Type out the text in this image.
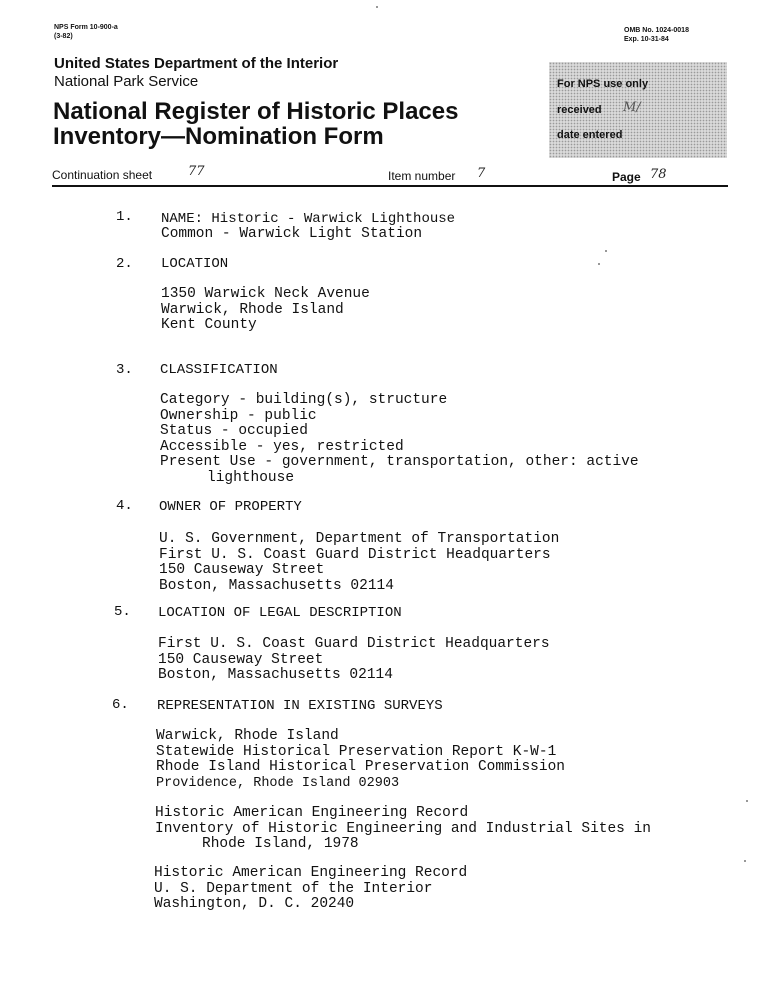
NPS Form 10-900-a
(3-82)
OMB No. 1024-0018
Exp. 10-31-84
United States Department of the Interior
National Park Service
National Register of Historic Places
Inventory—Nomination Form
For NPS use only
received M/
date entered
Continuation sheet	77	Item number 7	Page 78
1. NAME: Historic - Warwick Lighthouse
Common - Warwick Light Station
2. LOCATION
1350 Warwick Neck Avenue
Warwick, Rhode Island
Kent County
3. CLASSIFICATION
Category - building(s), structure
Ownership - public
Status - occupied
Accessible - yes, restricted
Present Use - government, transportation, other: active
lighthouse
4. OWNER OF PROPERTY
U. S. Government, Department of Transportation
First U. S. Coast Guard District Headquarters
150 Causeway Street
Boston, Massachusetts 02114
5. LOCATION OF LEGAL DESCRIPTION
First U. S. Coast Guard District Headquarters
150 Causeway Street
Boston, Massachusetts 02114
6. REPRESENTATION IN EXISTING SURVEYS
Warwick, Rhode Island
Statewide Historical Preservation Report K-W-1
Rhode Island Historical Preservation Commission
Providence, Rhode Island 02903
Historic American Engineering Record
Inventory of Historic Engineering and Industrial Sites in
Rhode Island, 1978
Historic American Engineering Record
U. S. Department of the Interior
Washington, D. C. 20240
